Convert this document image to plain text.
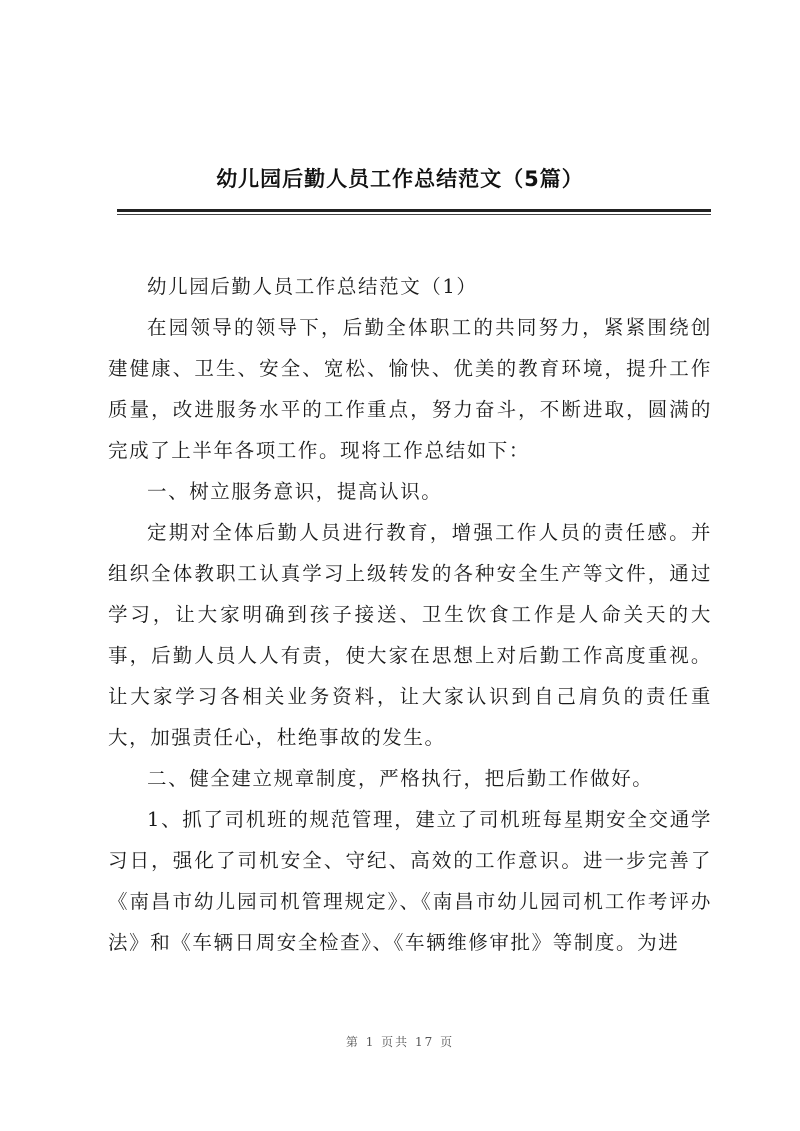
幼儿园后勤人员工作总结范文（5篇）

幼儿园后勤人员工作总结范文（1）

在园领导的领导下，后勤全体职工的共同努力，紧紧围绕创建健康、卫生、安全、宽松、愉快、优美的教育环境，提升工作质量，改进服务水平的工作重点，努力奋斗，不断进取，圆满的完成了上半年各项工作。现将工作总结如下：

一、树立服务意识，提高认识。

定期对全体后勤人员进行教育，增强工作人员的责任感。并组织全体教职工认真学习上级转发的各种安全生产等文件，通过学习，让大家明确到孩子接送、卫生饮食工作是人命关天的大事，后勤人员人人有责，使大家在思想上对后勤工作高度重视。让大家学习各相关业务资料，让大家认识到自己肩负的责任重大，加强责任心，杜绝事故的发生。

二、健全建立规章制度，严格执行，把后勤工作做好。

1、抓了司机班的规范管理，建立了司机班每星期安全交通学习日，强化了司机安全、守纪、高效的工作意识。进一步完善了《南昌市幼儿园司机管理规定》、《南昌市幼儿园司机工作考评办法》和《车辆日周安全检查》、《车辆维修审批》等制度。为进

第 1 页共 17 页
